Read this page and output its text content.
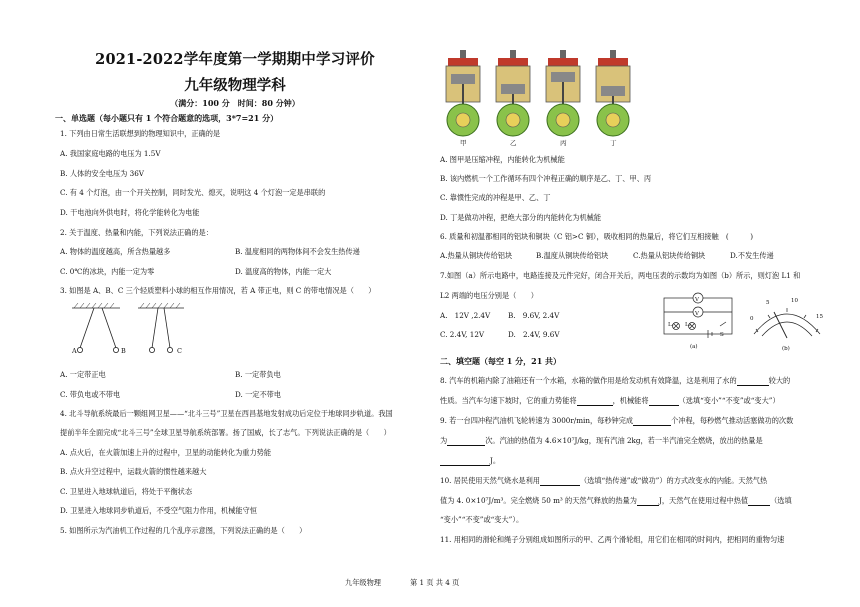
2021-2022学年度第一学期期中学习评价
九年级物理学科
（满分：100 分　时间：80 分钟）
一、单选题（每小题只有 1 个符合题意的选项，3*7=21 分）
1. 下列由日常生活联想到的物理知识中，正确的是
A. 我国家庭电路的电压为 1.5V
B. 人体的安全电压为 36V
C. 有 4 个灯泡，由一个开关控制，同时发光、熄灭，说明这 4 个灯泡一定是串联的
D. 干电池向外供电时，将化学能转化为电能
2. 关于温度、热量和内能，下列说法正确的是：
A. 物体的温度越高，所含热量越多	B. 温度相同的两物体间不会发生热传递
C. 0℃的冰块，内能一定为零	D. 温度高的物体，内能一定大
3. 如图是 A、B、C 三个轻质塑料小球的相互作用情况，若 A 带正电，则 C 的带电情况是（　　）
A	B	C
A. 一定带正电	B. 一定带负电
C. 带负电或不带电	D. 一定不带电
4. 北斗导航系统最后一颗组网卫星——“北斗三号”卫星在西昌基地发射成功后定位于地球同步轨道。我国
提前半年全面完成“北斗三号”全球卫星导航系统部署。扬了国威，长了志气。下列说法正确的是（　　）
A. 点火后，在火箭加速上升的过程中，卫星的动能转化为重力势能
B. 点火升空过程中，运载火箭的惯性越来越大
C. 卫星进入地球轨道后，将处于平衡状态
D. 卫星进入地球同步轨道后，不受空气阻力作用，机械能守恒
5. 如图所示为汽油机工作过程的几个乱序示意图，下列说法正确的是（　　）
甲	乙	丙	丁
A. 图甲是压缩冲程，内能转化为机械能
B. 该内燃机一个工作循环有四个冲程正确的顺序是乙、丁、甲、丙
C. 靠惯性完成的冲程是甲、乙、丁
D. 丁是做功冲程，把绝大部分的内能转化为机械能
6. 质量和初温都相同的铝块和铜块（C 铝>C 铜），吸收相同的热量后，将它们互相接触　(　　　)
A.热量从铜块传给铝块	B.温度从铜块传给铝块	C.热量从铝块传给铜块	D.不发生传递
7.如图（a）所示电路中，电路连接及元件完好，闭合开关后，两电压表的示数均为如图（b）所示，则灯泡 L1 和
L2 两端的电压分别是（　　）
A.　12V ,2.4V B.　9.6V, 2.4V
C. 2.4V, 12V	D.　2.4V, 9.6V
V
V
L₁ L₂
S
(a)
0
5	10
15
(b)
二、填空题（每空 1 分，21 共）
8. 汽车的机箱内除了油箱还有一个水箱，水箱的做作用是给发动机有效降温，这是利用了水的	较大的
性质。当汽车匀速下坡时，它的重力势能将	，机械能将	（选填“变小”“不变”或“变大”）
9. 若一台四冲程汽油机飞轮转速为 3000r/min，每秒钟完成	个冲程，每秒燃气推动活塞做功的次数
为	次。汽油的热值为 4.6×10⁷J/kg，现有汽油 2kg，若一半汽油完全燃烧，放出的热量是
J。
10. 居民使用天然气烧水是利用	（选填“热传递”或“做功”）的方式改变水的内能。天然气热
值为 4. 0×10⁷J/m³。完全燃烧 50 m³ 的天然气释放的热量为	J，天然气在使用过程中热值	（选填
“变小”“不变”或“变大”）。
11. 用相同的滑轮和绳子分别组成如图所示的甲、乙两个滑轮组，用它们在相同的时间内，把相同的重物匀速
九年级物理	第 1 页 共 4 页
